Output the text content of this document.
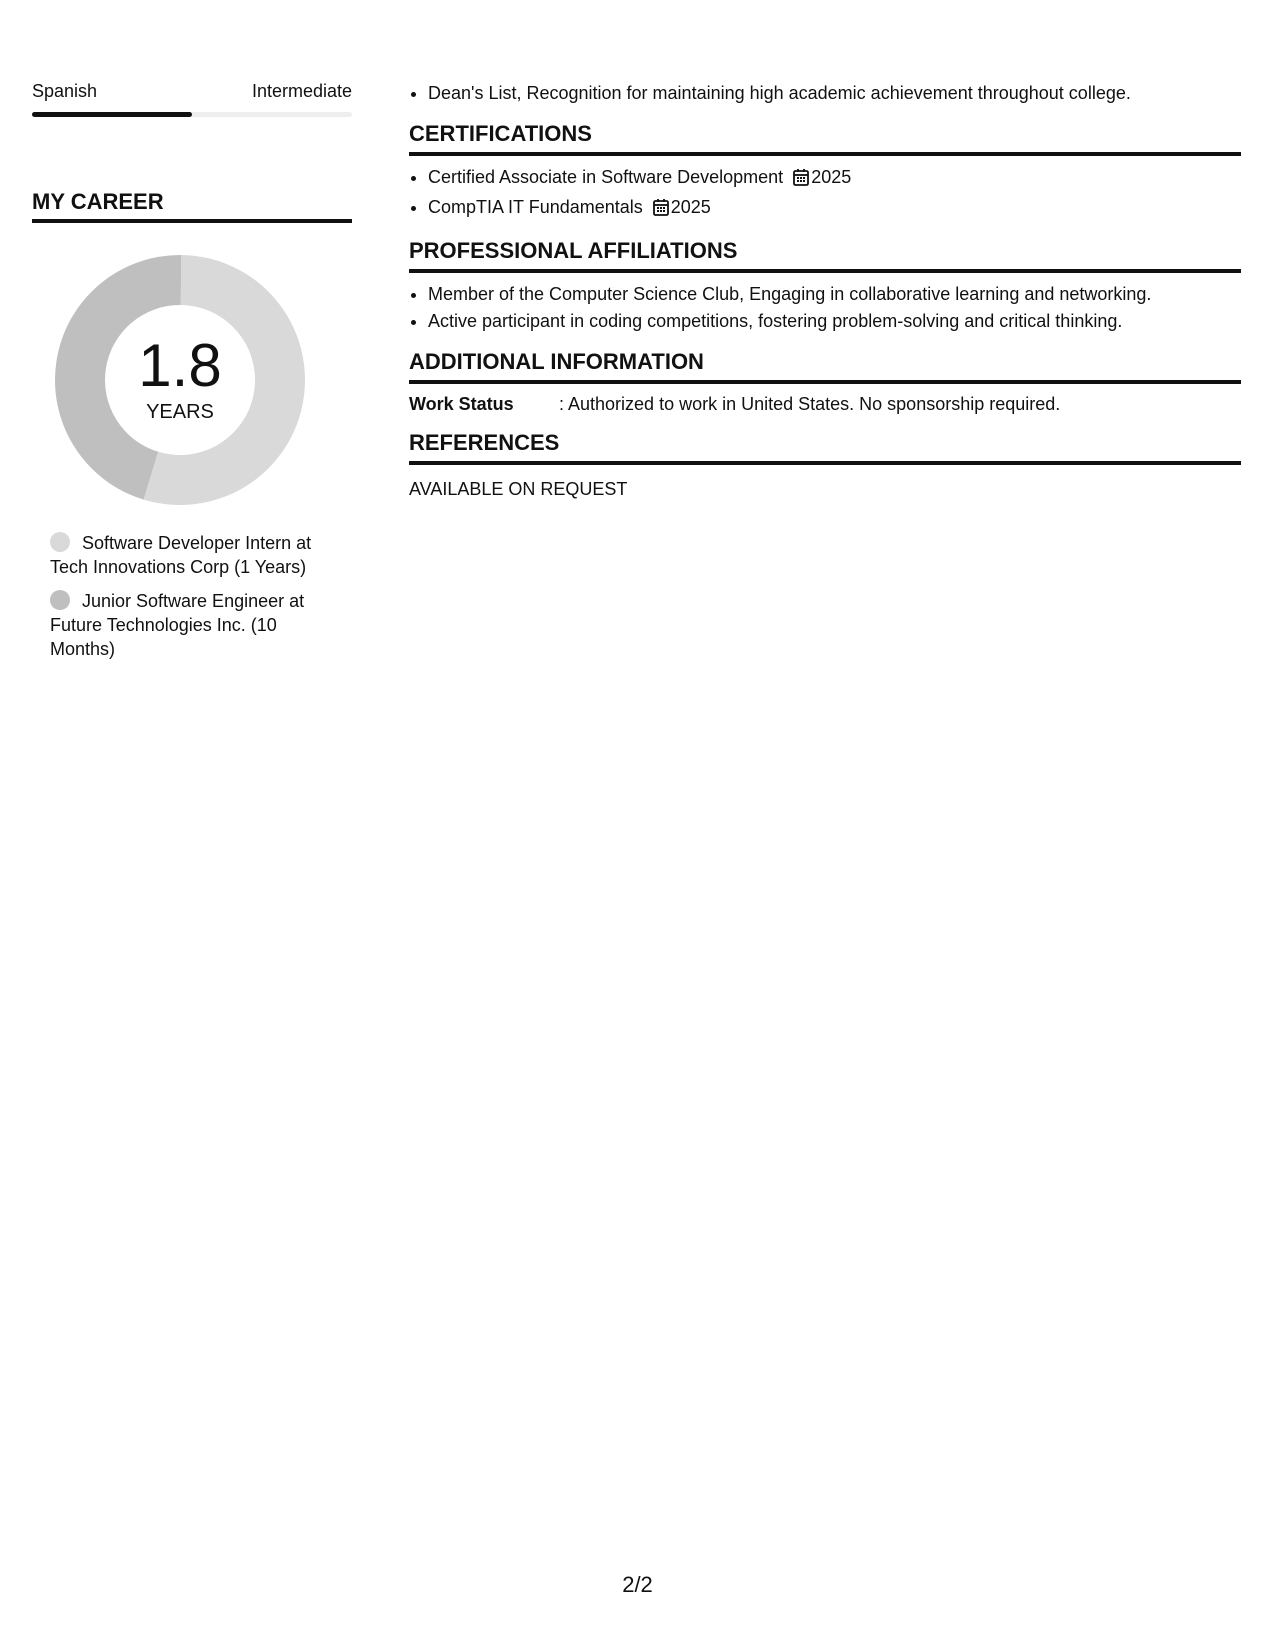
Spanish	Intermediate
MY CAREER
1.8
YEARS
Software Developer Intern at Tech Innovations Corp (1 Years)
Junior Software Engineer at Future Technologies Inc. (10 Months)
• Dean's List, Recognition for maintaining high academic achievement throughout college.
CERTIFICATIONS
• Certified Associate in Software Development 2025
• CompTIA IT Fundamentals 2025
PROFESSIONAL AFFILIATIONS
• Member of the Computer Science Club, Engaging in collaborative learning and networking.
• Active participant in coding competitions, fostering problem-solving and critical thinking.
ADDITIONAL INFORMATION
Work Status	: Authorized to work in United States. No sponsorship required.
REFERENCES
AVAILABLE ON REQUEST
2/2
